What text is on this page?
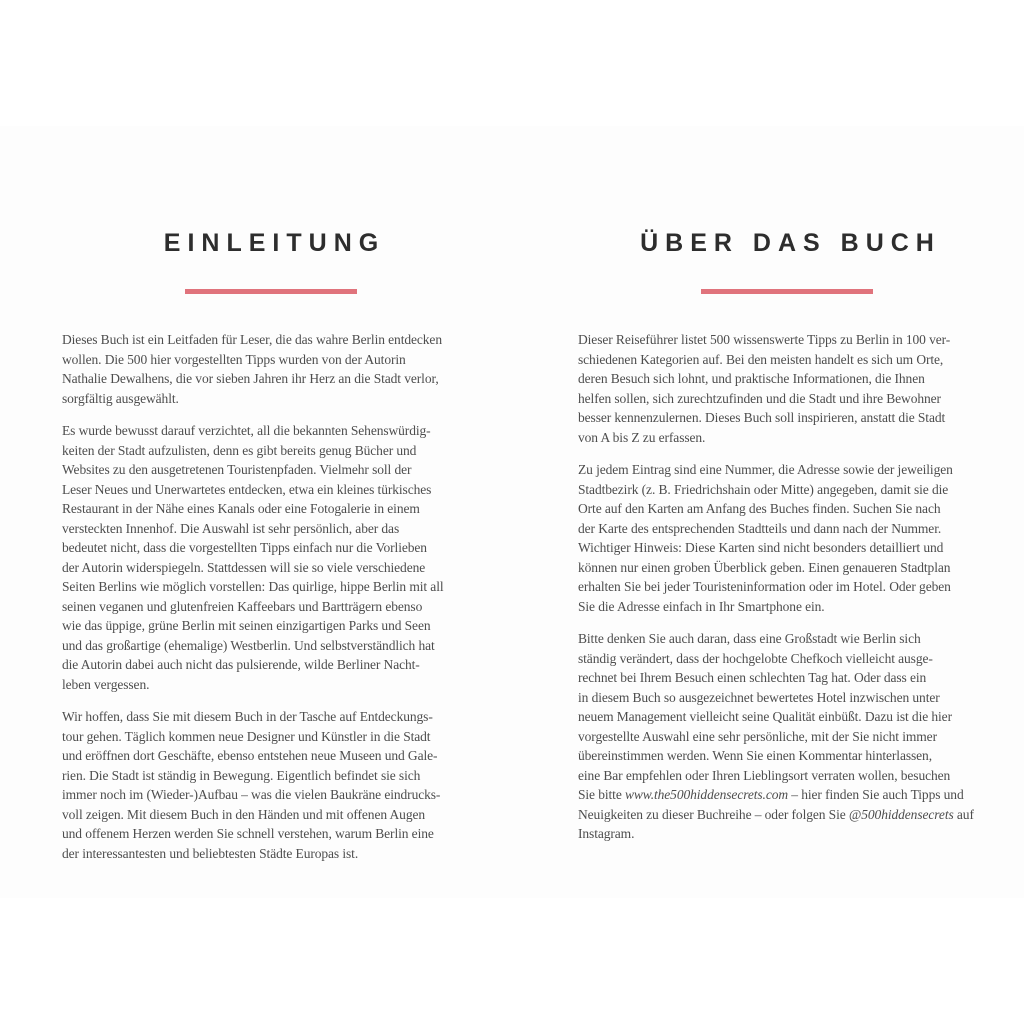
EINLEITUNG

Dieses Buch ist ein Leitfaden für Leser, die das wahre Berlin entdecken
wollen. Die 500 hier vorgestellten Tipps wurden von der Autorin
Nathalie Dewalhens, die vor sieben Jahren ihr Herz an die Stadt verlor,
sorgfältig ausgewählt.

Es wurde bewusst darauf verzichtet, all die bekannten Sehenswürdig-
keiten der Stadt aufzulisten, denn es gibt bereits genug Bücher und
Websites zu den ausgetretenen Touristenpfaden. Vielmehr soll der
Leser Neues und Unerwartetes entdecken, etwa ein kleines türkisches
Restaurant in der Nähe eines Kanals oder eine Fotogalerie in einem
versteckten Innenhof. Die Auswahl ist sehr persönlich, aber das
bedeutet nicht, dass die vorgestellten Tipps einfach nur die Vorlieben
der Autorin widerspiegeln. Stattdessen will sie so viele verschiedene
Seiten Berlins wie möglich vorstellen: Das quirlige, hippe Berlin mit all
seinen veganen und glutenfreien Kaffeebars und Bartträgern ebenso
wie das üppige, grüne Berlin mit seinen einzigartigen Parks und Seen
und das großartige (ehemalige) Westberlin. Und selbstverständlich hat
die Autorin dabei auch nicht das pulsierende, wilde Berliner Nacht-
leben vergessen.

Wir hoffen, dass Sie mit diesem Buch in der Tasche auf Entdeckungs-
tour gehen. Täglich kommen neue Designer und Künstler in die Stadt
und eröffnen dort Geschäfte, ebenso entstehen neue Museen und Gale-
rien. Die Stadt ist ständig in Bewegung. Eigentlich befindet sie sich
immer noch im (Wieder-)Aufbau – was die vielen Baukräne eindrucks-
voll zeigen. Mit diesem Buch in den Händen und mit offenen Augen
und offenem Herzen werden Sie schnell verstehen, warum Berlin eine
der interessantesten und beliebtesten Städte Europas ist.

ÜBER DAS BUCH

Dieser Reiseführer listet 500 wissenswerte Tipps zu Berlin in 100 ver-
schiedenen Kategorien auf. Bei den meisten handelt es sich um Orte,
deren Besuch sich lohnt, und praktische Informationen, die Ihnen
helfen sollen, sich zurechtzufinden und die Stadt und ihre Bewohner
besser kennenzulernen. Dieses Buch soll inspirieren, anstatt die Stadt
von A bis Z zu erfassen.

Zu jedem Eintrag sind eine Nummer, die Adresse sowie der jeweiligen
Stadtbezirk (z. B. Friedrichshain oder Mitte) angegeben, damit sie die
Orte auf den Karten am Anfang des Buches finden. Suchen Sie nach
der Karte des entsprechenden Stadtteils und dann nach der Nummer.
Wichtiger Hinweis: Diese Karten sind nicht besonders detailliert und
können nur einen groben Überblick geben. Einen genaueren Stadtplan
erhalten Sie bei jeder Touristeninformation oder im Hotel. Oder geben
Sie die Adresse einfach in Ihr Smartphone ein.

Bitte denken Sie auch daran, dass eine Großstadt wie Berlin sich
ständig verändert, dass der hochgelobte Chefkoch vielleicht ausge-
rechnet bei Ihrem Besuch einen schlechten Tag hat. Oder dass ein
in diesem Buch so ausgezeichnet bewertetes Hotel inzwischen unter
neuem Management vielleicht seine Qualität einbüßt. Dazu ist die hier
vorgestellte Auswahl eine sehr persönliche, mit der Sie nicht immer
übereinstimmen werden. Wenn Sie einen Kommentar hinterlassen,
eine Bar empfehlen oder Ihren Lieblingsort verraten wollen, besuchen
Sie bitte www.the500hiddensecrets.com – hier finden Sie auch Tipps und
Neuigkeiten zu dieser Buchreihe – oder folgen Sie @500hiddensecrets auf
Instagram.
